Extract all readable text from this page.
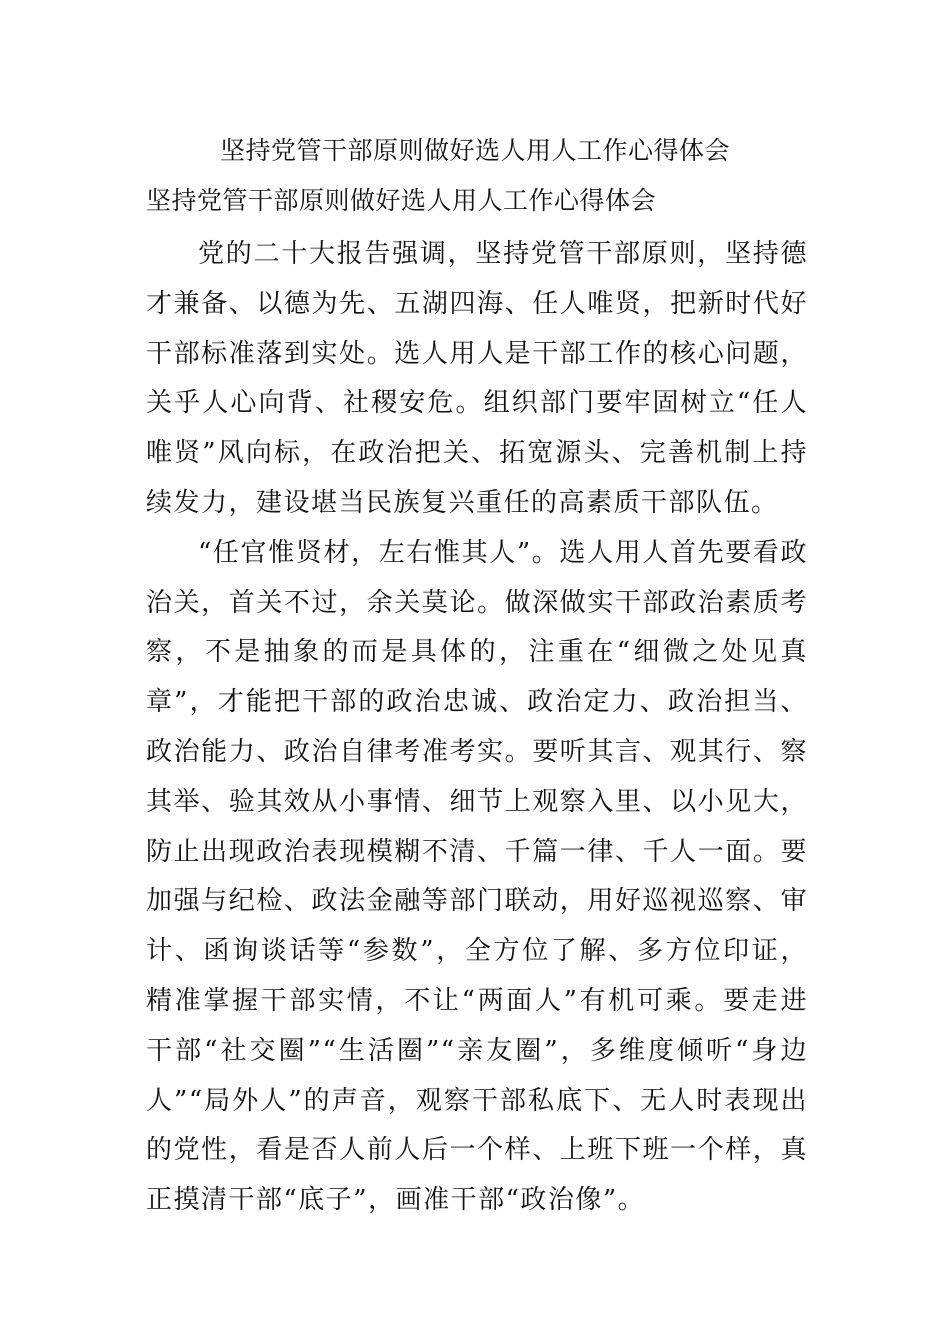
坚持党管干部原则做好选人用人工作心得体会
坚持党管干部原则做好选人用人工作心得体会

党的二十大报告强调，坚持党管干部原则，坚持德才兼备、以德为先、五湖四海、任人唯贤，把新时代好干部标准落到实处。选人用人是干部工作的核心问题，关乎人心向背、社稷安危。组织部门要牢固树立“任人唯贤”风向标，在政治把关、拓宽源头、完善机制上持续发力，建设堪当民族复兴重任的高素质干部队伍。

“任官惟贤材，左右惟其人”。选人用人首先要看政治关，首关不过，余关莫论。做深做实干部政治素质考察，不是抽象的而是具体的，注重在“细微之处见真章”，才能把干部的政治忠诚、政治定力、政治担当、政治能力、政治自律考准考实。要听其言、观其行、察其举、验其效从小事情、细节上观察入里、以小见大，防止出现政治表现模糊不清、千篇一律、千人一面。要加强与纪检、政法金融等部门联动，用好巡视巡察、审计、函询谈话等“参数”，全方位了解、多方位印证，精准掌握干部实情，不让“两面人”有机可乘。要走进干部“社交圈”“生活圈”“亲友圈”，多维度倾听“身边人”“局外人”的声音，观察干部私底下、无人时表现出的党性，看是否人前人后一个样、上班下班一个样，真正摸清干部“底子”，画准干部“政治像”。
